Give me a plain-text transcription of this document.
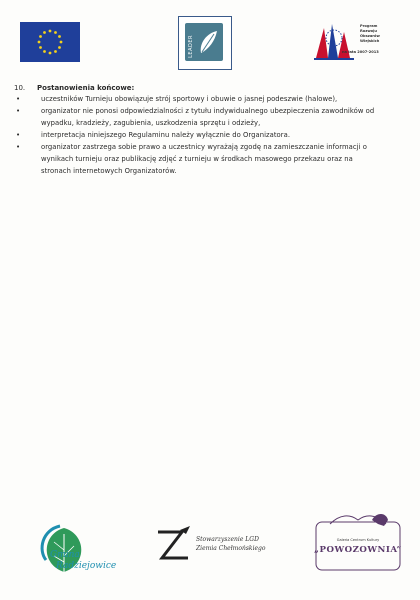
LEADER
Program
Rozwoju
Obszarów
Wiejskich
na lata 2007-2013
10. Postanowienia końcowe:
•
•
•
•
uczestników Turnieju obowiązuje strój sportowy i obuwie o jasnej podeszwie (halowe),
organizator nie ponosi odpowiedzialności z tytułu indywidualnego ubezpieczenia zawodników od
wypadku, kradzieży, zagubienia, uszkodzenia sprzętu i odzieży,
interpretacja niniejszego Regulaminu należy wyłącznie do Organizatora.
organizator zastrzega sobie prawo a uczestnicy wyrażają zgodę na zamieszczanie informacji o
wynikach turnieju oraz publikację zdjęć z turnieju w środkach masowego przekazu oraz na
stronach internetowych Organizatorów.
Gmina
Radziejowice
Stowarzyszenie LGD
Ziemia Chełmońskiego
Galeria Centrum Kultury
„POWOZOWNIA”
